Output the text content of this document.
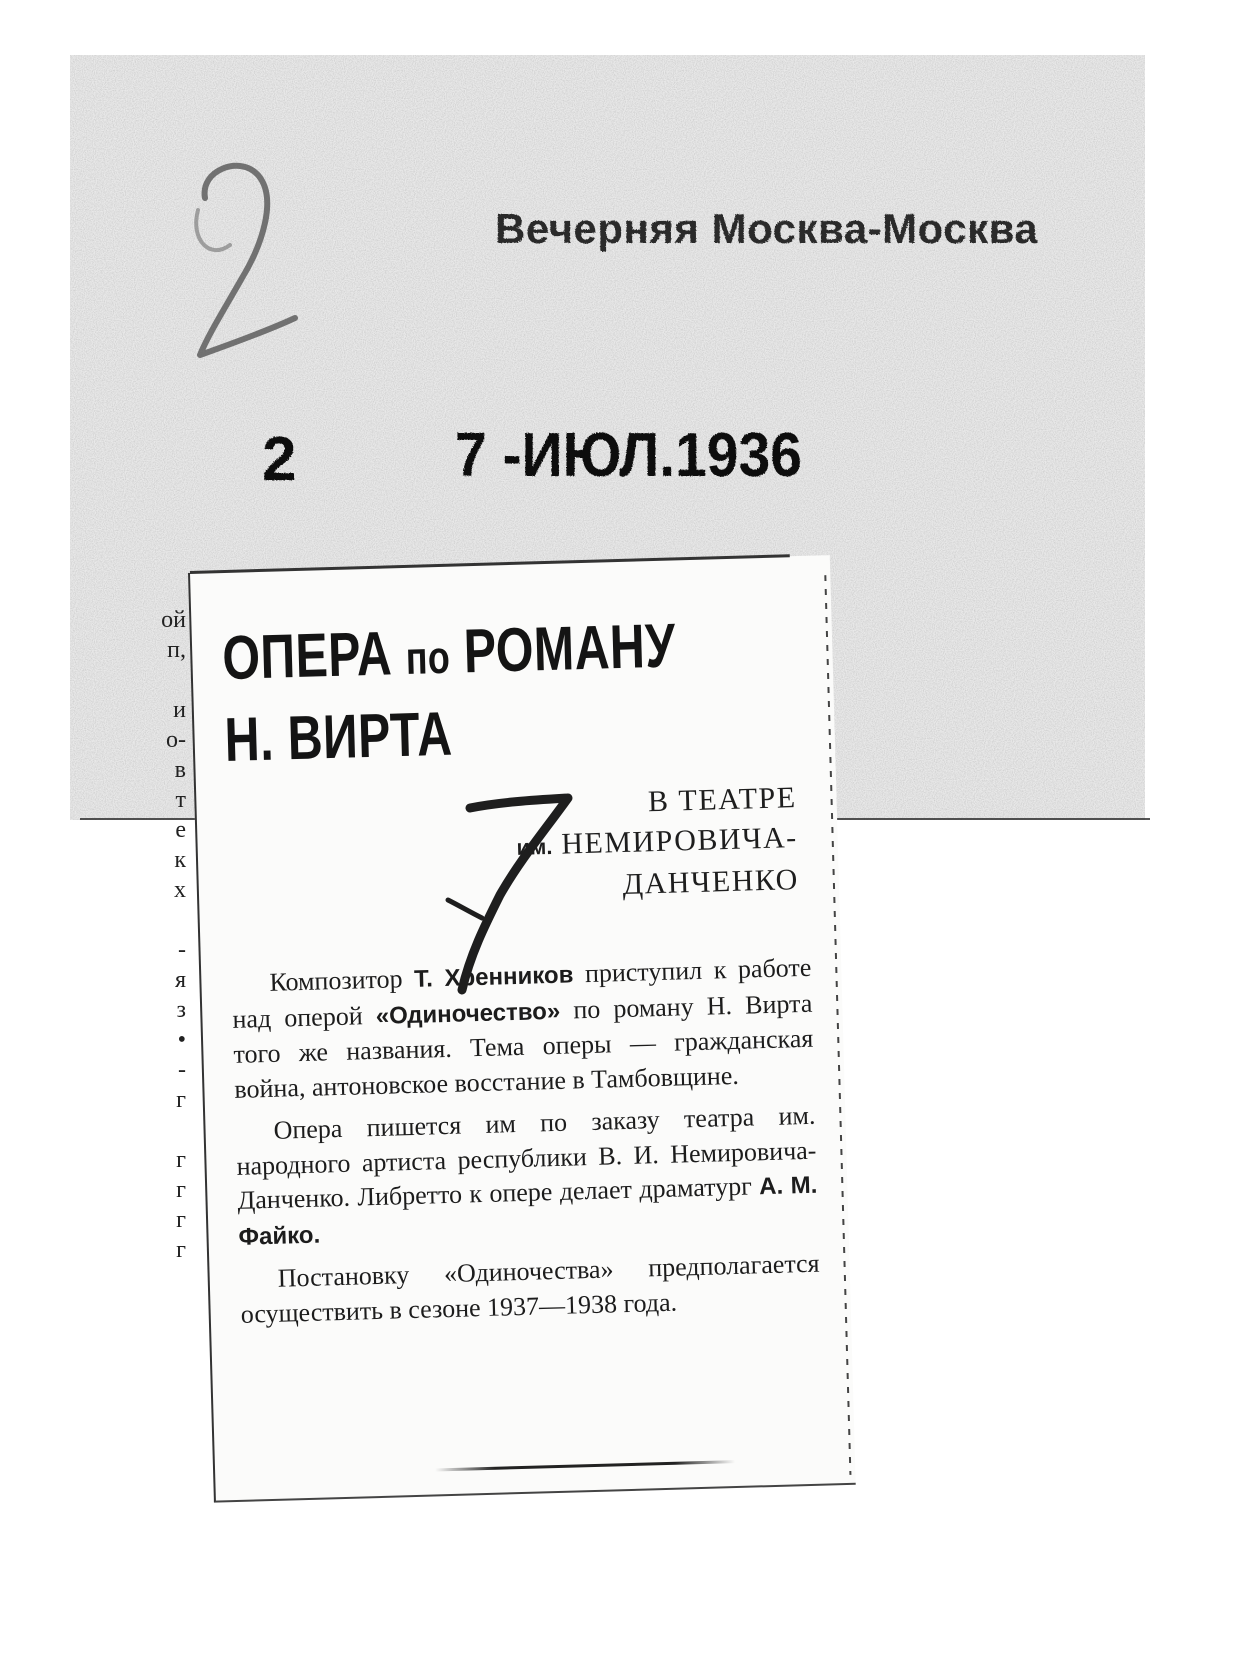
Вечерняя Москва-Москва
2	7 -ИЮЛ.1936
ой
п,
и
о-
в
т
е
к
х
-
я
з
•
-
г
г
г
г
г
ОПЕРА по РОМАНУ
Н. ВИРТА
В ТЕАТРЕ
им. НЕМИРОВИЧА-
ДАНЧЕНКО

Композитор Т. Хренников приступил к работе над оперой «Одиночество» по роману Н. Вирта того же названия. Тема оперы — гражданская война, антоновское восстание в Тамбовщине.

Опера пишется им по заказу театра им. народного артиста республики В. И. Немировича-Данченко. Либретто к опере делает драматург А. М. Файко.

Постановку «Одиночества» предполагается осуществить в сезоне 1937—1938 года.

7
